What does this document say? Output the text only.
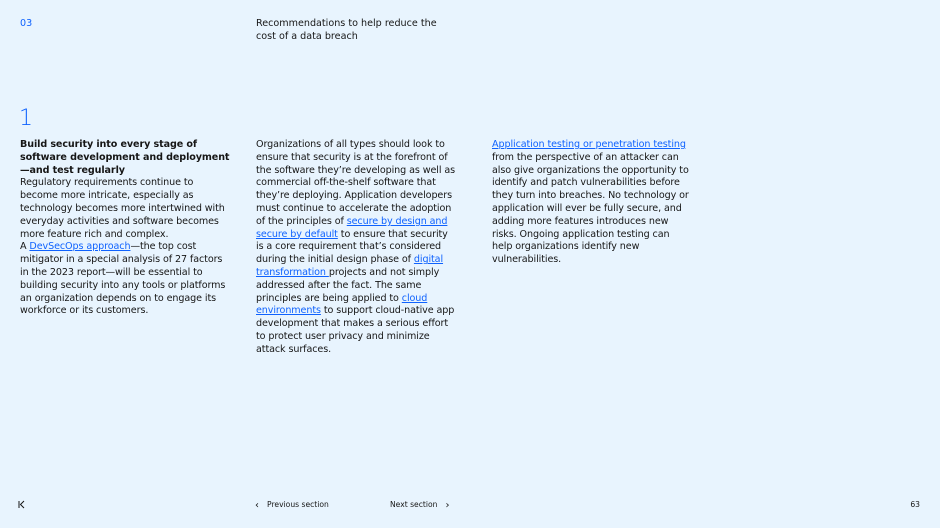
03	Recommendations to help reduce the cost of a data breach
1
Build security into every stage of software development and deployment—and test regularly
Regulatory requirements continue to become more intricate, especially as technology becomes more intertwined with everyday activities and software becomes more feature rich and complex.
A DevSecOps approach—the top cost mitigator in a special analysis of 27 factors in the 2023 report—will be essential to building security into any tools or platforms an organization depends on to engage its workforce or its customers.
Organizations of all types should look to ensure that security is at the forefront of the software they’re developing as well as commercial off-the-shelf software that they’re deploying. Application developers must continue to accelerate the adoption of the principles of secure by design and secure by default to ensure that security is a core requirement that’s considered during the initial design phase of digital transformation projects and not simply addressed after the fact. The same principles are being applied to cloud environments to support cloud-native app development that makes a serious effort to protect user privacy and minimize attack surfaces.
Application testing or penetration testing from the perspective of an attacker can also give organizations the opportunity to identify and patch vulnerabilities before they turn into breaches. No technology or application will ever be fully secure, and adding more features introduces new risks. Ongoing application testing can help organizations identify new vulnerabilities.
‹ Previous section	Next section ›	63
